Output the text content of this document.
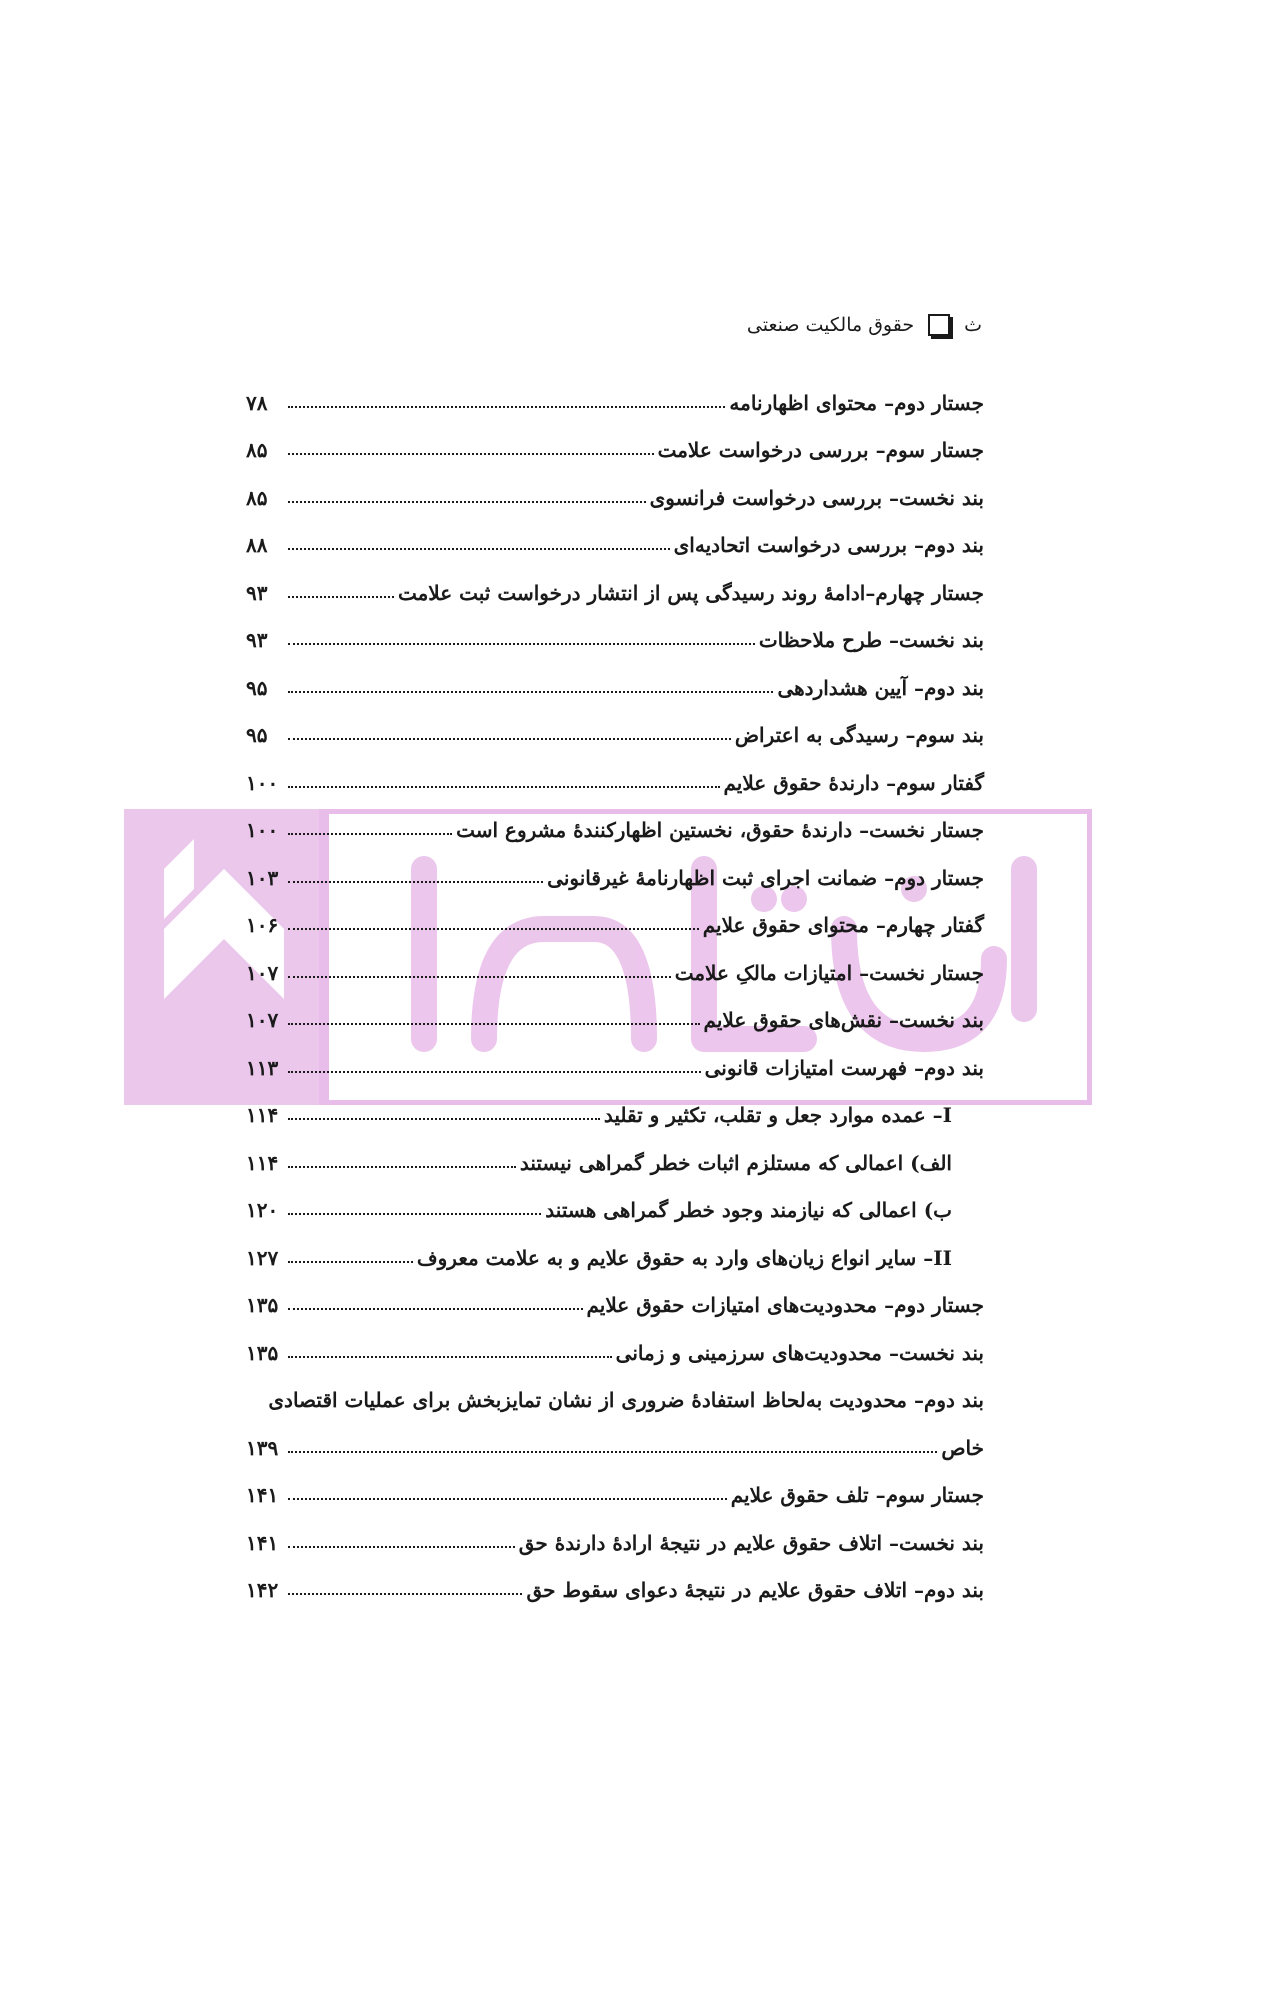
ث
حقوق مالکیت صنعتی
جستار دوم– محتوای اظهارنامه
۷۸
جستار سوم– بررسی درخواست علامت
۸۵
بند نخست– بررسی درخواست فرانسوی
۸۵
بند دوم– بررسی درخواست اتحادیه‌ای
۸۸
جستار چهارم–ادامهٔ روند رسیدگی پس از انتشار درخواست ثبت علامت
۹۳
بند نخست– طرح ملاحظات
۹۳
بند دوم– آیین هشداردهی
۹۵
بند سوم– رسیدگی به اعتراض
۹۵
گفتار سوم– دارندهٔ حقوق علایم
۱۰۰
جستار نخست– دارندهٔ حقوق، نخستین اظهارکنندهٔ مشروع است
۱۰۰
جستار دوم– ضمانت اجرای ثبت اظهارنامهٔ غیرقانونی
۱۰۳
گفتار چهارم– محتوای حقوق علایم
۱۰۶
جستار نخست– امتیازات مالکِ علامت
۱۰۷
بند نخست– نقش‌های حقوق علایم
۱۰۷
بند دوم– فهرست امتیازات قانونی
۱۱۳
I– عمده موارد جعل و تقلب، تکثیر و تقلید
۱۱۴
الف) اعمالی که مستلزم اثبات خطر گمراهی نیستند
۱۱۴
ب) اعمالی که نیازمند وجود خطر گمراهی هستند
۱۲۰
II– سایر انواع زیان‌های وارد به حقوق علایم و به علامت معروف
۱۲۷
جستار دوم– محدودیت‌های امتیازات حقوق علایم
۱۳۵
بند نخست– محدودیت‌های سرزمینی و زمانی
۱۳۵
بند دوم– محدودیت به‌لحاظ استفادهٔ ضروری از نشان تمایزبخش برای عملیات اقتصادی
خاص
۱۳۹
جستار سوم– تلف حقوق علایم
۱۴۱
بند نخست– اتلاف حقوق علایم در نتیجهٔ ارادهٔ دارندهٔ حق
۱۴۱
بند دوم– اتلاف حقوق علایم در نتیجهٔ دعوای سقوط حق
۱۴۲
